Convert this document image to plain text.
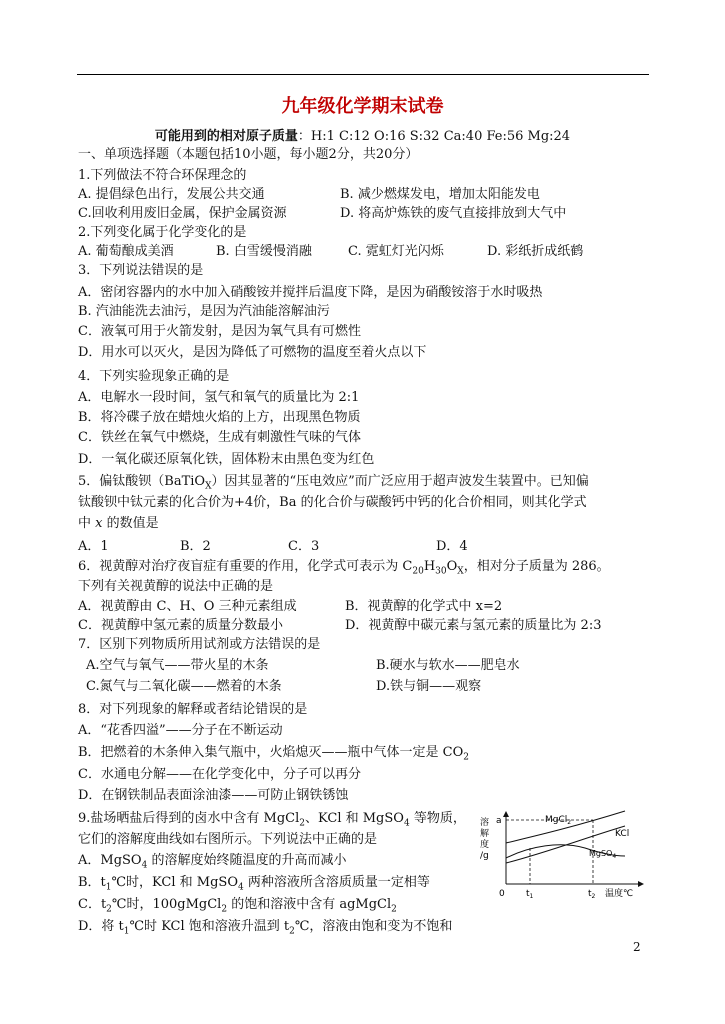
九年级化学期末试卷
可能用到的相对原子质量：H:1 C:12 O:16 S:32 Ca:40 Fe:56 Mg:24
一、单项选择题（本题包括10小题，每小题2分，共20分）
1.下列做法不符合环保理念的
A. 提倡绿色出行，发展公共交通	B. 减少燃煤发电，增加太阳能发电
C.回收利用废旧金属，保护金属资源	D. 将高炉炼铁的废气直接排放到大气中
2.下列变化属于化学变化的是
A. 葡萄酿成美酒	B. 白雪缓慢消融	C. 霓虹灯光闪烁	D. 彩纸折成纸鹤
3．下列说法错误的是
A．密闭容器内的水中加入硝酸铵并搅拌后温度下降，是因为硝酸铵溶于水时吸热
B. 汽油能洗去油污，是因为汽油能溶解油污
C．液氧可用于火箭发射，是因为氧气具有可燃性
D．用水可以灭火，是因为降低了可燃物的温度至着火点以下
4．下列实验现象正确的是
A．电解水一段时间，氢气和氧气的质量比为 2:1
B．将冷碟子放在蜡烛火焰的上方，出现黑色物质
C．铁丝在氧气中燃烧，生成有刺激性气味的气体
D．一氧化碳还原氧化铁，固体粉末由黑色变为红色
5．偏钛酸钡（BaTiO$_X$）因其显著的“压电效应”而广泛应用于超声波发生装置中。已知偏
钛酸钡中钛元素的化合价为+4价，Ba 的化合价与碳酸钙中钙的化合价相同，则其化学式
中 x 的数值是
A．1	B．2	C．3	D．4
6．视黄醇对治疗夜盲症有重要的作用，化学式可表示为 $C_{20}H_{30}O_X$，相对分子质量为 286。
下列有关视黄醇的说法中正确的是
A．视黄醇由 C、H、O 三种元素组成	B．视黄醇的化学式中 x=2
C．视黄醇中氢元素的质量分数最小	D．视黄醇中碳元素与氢元素的质量比为 2:3
7．区别下列物质所用试剂或方法错误的是
A.空气与氧气——带火星的木条	B.硬水与软水——肥皂水
C.氮气与二氧化碳——燃着的木条	D.铁与铜——观察
8．对下列现象的解释或者结论错误的是
A．“花香四溢”——分子在不断运动
B．把燃着的木条伸入集气瓶中，火焰熄灭——瓶中气体一定是 $CO_2$
C．水通电分解——在化学变化中，分子可以再分
D．在钢铁制品表面涂油漆——可防止钢铁锈蚀
9.盐场晒盐后得到的卤水中含有 MgCl$_2$、KCl 和 MgSO$_4$ 等物质，
它们的溶解度曲线如右图所示。下列说法中正确的是
A．MgSO$_4$ 的溶解度始终随温度的升高而减小
B．$t_1℃$时，KCl 和 MgSO$_4$ 两种溶液所含溶质质量一定相等
C．$t_2℃$时，100gMgCl$_2$ 的饱和溶液中含有 agMgCl$_2$
D．将 $t_1℃$时 KCl 饱和溶液升温到 $t_2℃$，溶液由饱和变为不饱和
溶
解
度
/g
a	MgCl$_2$
KCl
MgSO$_4$
0 $t_1$	$t_2$ 温度℃
2
